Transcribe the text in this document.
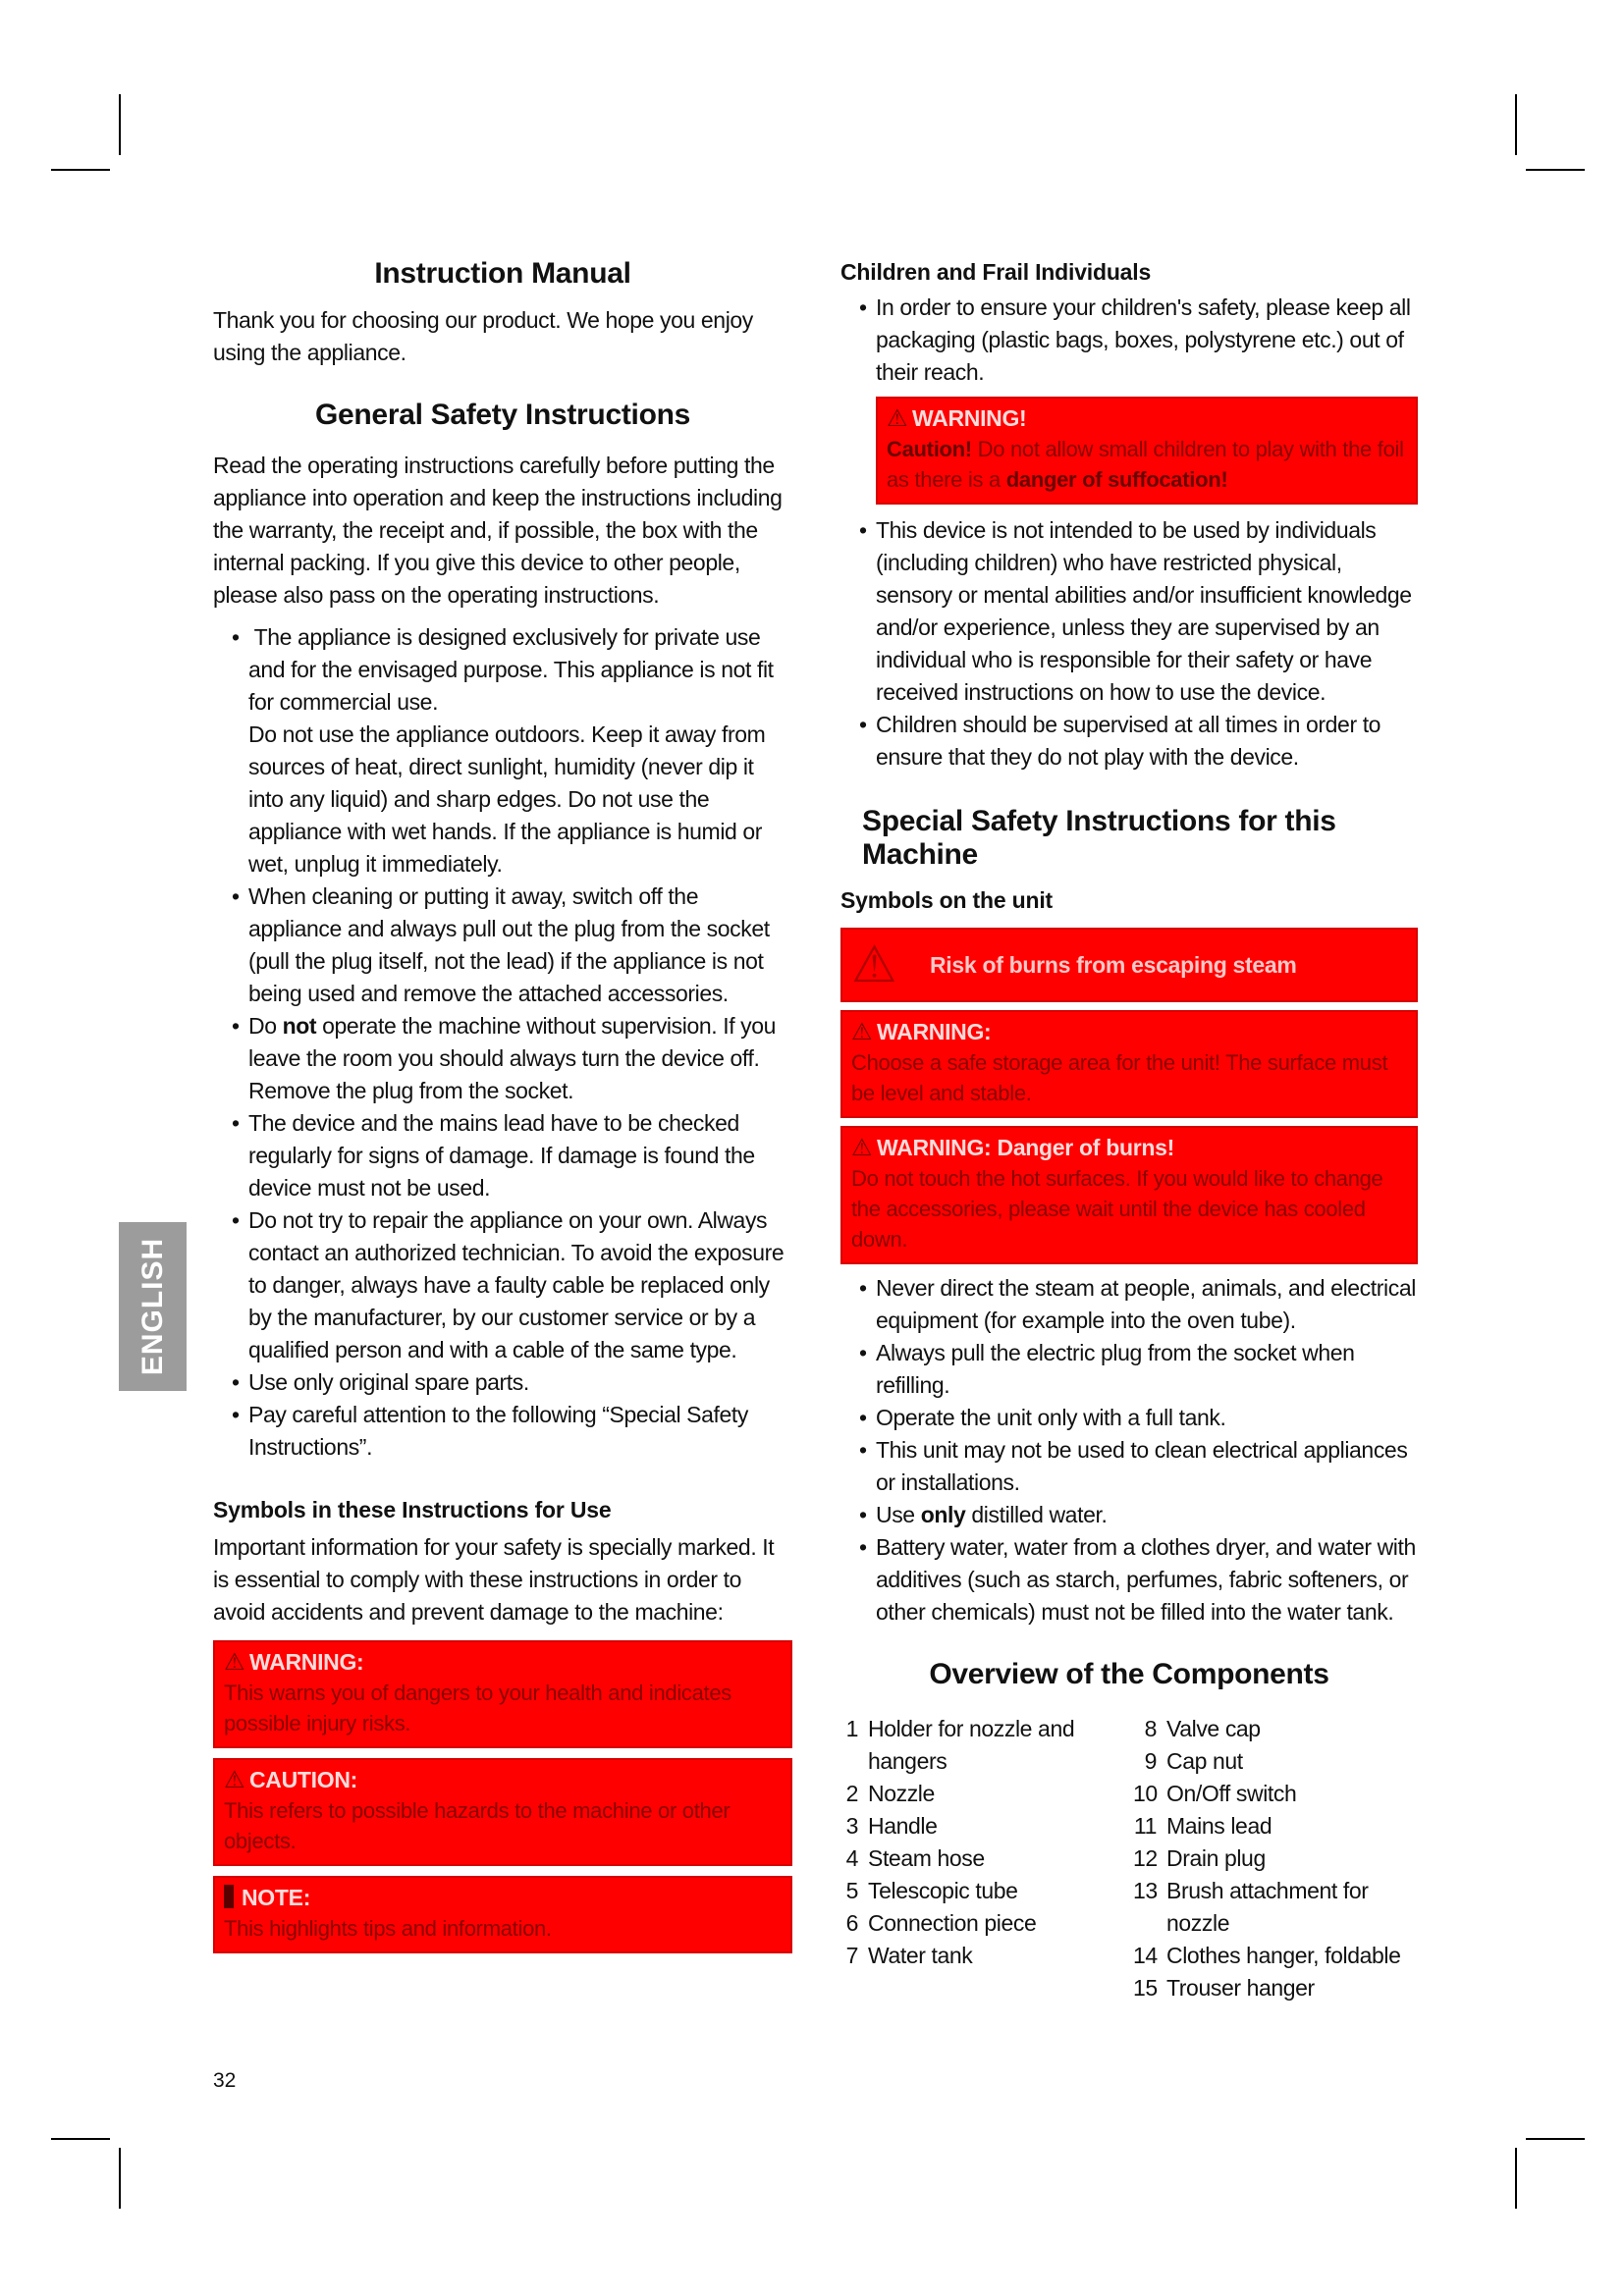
ENGLISH
Instruction Manual

Thank you for choosing our product. We hope you enjoy using the appliance.

General Safety Instructions

Read the operating instructions carefully before putting the appliance into operation and keep the instructions including the warranty, the receipt and, if possible, the box with the internal packing. If you give this device to other people, please also pass on the operating instructions.

• The appliance is designed exclusively for private use and for the envisaged purpose. This appliance is not fit for commercial use.
Do not use the appliance outdoors. Keep it away from sources of heat, direct sunlight, humidity (never dip it into any liquid) and sharp edges. Do not use the appliance with wet hands. If the appliance is humid or wet, unplug it immediately.
• When cleaning or putting it away, switch off the appliance and always pull out the plug from the socket (pull the plug itself, not the lead) if the appliance is not being used and remove the attached accessories.
• Do not operate the machine without supervision. If you leave the room you should always turn the device off. Remove the plug from the socket.
• The device and the mains lead have to be checked regularly for signs of damage. If damage is found the device must not be used.
• Do not try to repair the appliance on your own. Always contact an authorized technician. To avoid the exposure to danger, always have a faulty cable be replaced only by the manufacturer, by our customer service or by a qualified person and with a cable of the same type.
• Use only original spare parts.
• Pay careful attention to the following “Special Safety Instructions”.
Symbols in these Instructions for Use

Important information for your safety is specially marked. It is essential to comply with these instructions in order to avoid accidents and prevent damage to the machine:

⚠ WARNING:
This warns you of dangers to your health and indicates possible injury risks.
⚠ CAUTION:
This refers to possible hazards to the machine or other objects.
NOTE:
This highlights tips and information.
Children and Frail Individuals
• In order to ensure your children's safety, please keep all packaging (plastic bags, boxes, polystyrene etc.) out of their reach.
⚠ WARNING!
Caution! Do not allow small children to play with the foil as there is a danger of suffocation!
• This device is not intended to be used by individuals (including children) who have restricted physical, sensory or mental abilities and/or insufficient knowledge and/or experience, unless they are supervised by an individual who is responsible for their safety or have received instructions on how to use the device.
• Children should be supervised at all times in order to ensure that they do not play with the device.
Special Safety Instructions for this Machine
Symbols on the unit
⚠	Risk of burns from escaping steam
⚠ WARNING:
Choose a safe storage area for the unit! The surface must be level and stable.
⚠ WARNING: Danger of burns!
Do not touch the hot surfaces. If you would like to change the accessories, please wait until the device has cooled down.
• Never direct the steam at people, animals, and electrical equipment (for example into the oven tube).
• Always pull the electric plug from the socket when refilling.
• Operate the unit only with a full tank.
• This unit may not be used to clean electrical appliances or installations.
• Use only distilled water.
• Battery water, water from a clothes dryer, and water with additives (such as starch, perfumes, fabric softeners, or other chemicals) must not be filled into the water tank.
Overview of the Components
1 Holder for nozzle and hangers
2 Nozzle
3 Handle
4 Steam hose
5 Telescopic tube
6 Connection piece
7 Water tank
8 Valve cap
9 Cap nut
10 On/Off switch
11 Mains lead
12 Drain plug
13 Brush attachment for nozzle
14 Clothes hanger, foldable
15 Trouser hanger
32
